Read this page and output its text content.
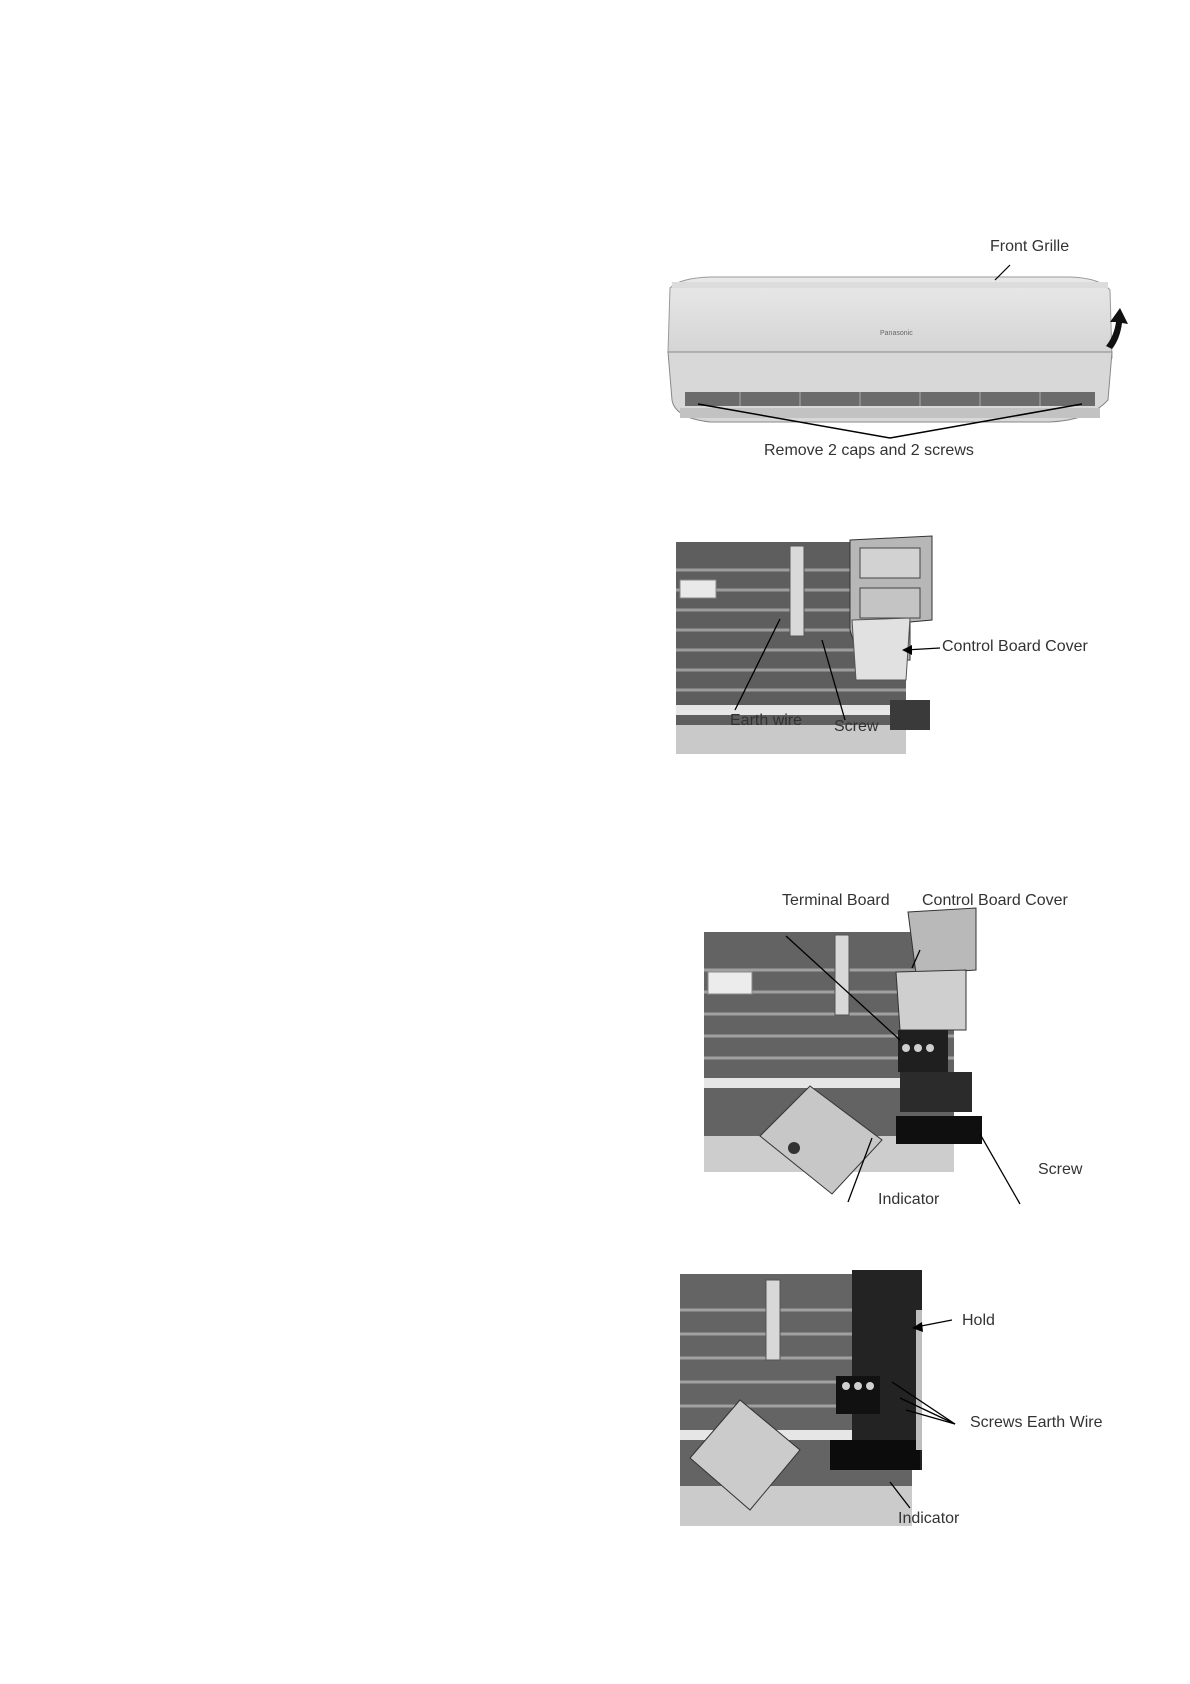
Panasonic
Front Grille
Remove 2 caps and 2 screws
Control Board Cover
Earth wire Screw
Terminal Board Control Board Cover
Screw
Indicator
Hold
Screws Earth Wire
Indicator
